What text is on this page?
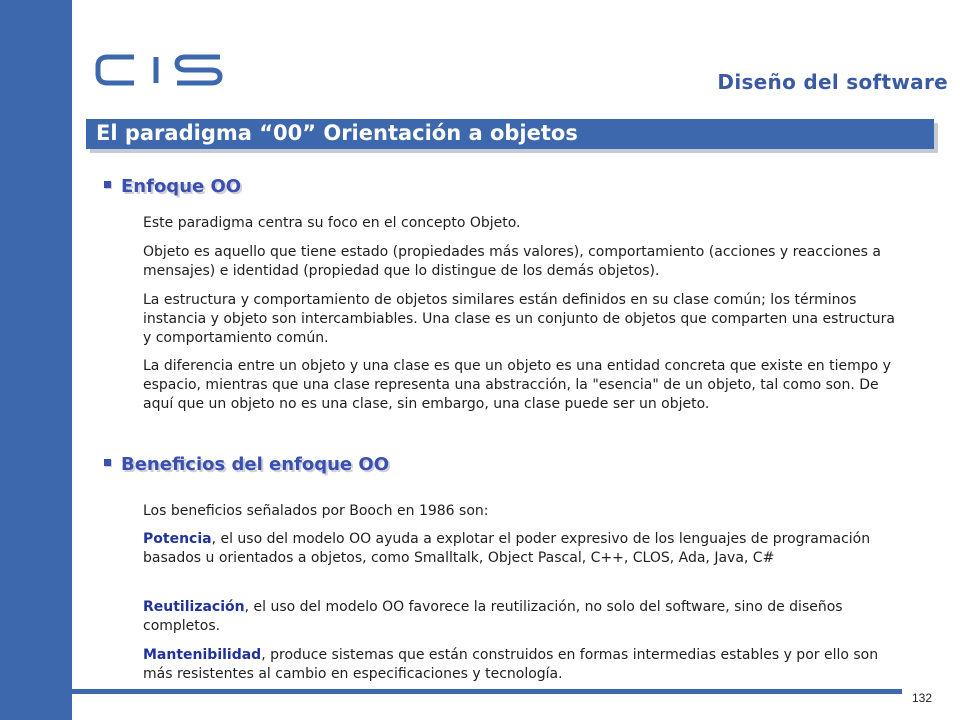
Diseño del software
El paradigma “00” Orientación a objetos
Enfoque OO
Este paradigma centra su foco en el concepto Objeto.
Objeto es aquello que tiene estado (propiedades más valores), comportamiento (acciones y reacciones a mensajes) e identidad (propiedad que lo distingue de los demás objetos).
La estructura y comportamiento de objetos similares están definidos en su clase común; los términos instancia y objeto son intercambiables. Una clase es un conjunto de objetos que comparten una estructura y comportamiento común.
La diferencia entre un objeto y una clase es que un objeto es una entidad concreta que existe en tiempo y espacio, mientras que una clase representa una abstracción, la "esencia" de un objeto, tal como son. De aquí que un objeto no es una clase, sin embargo, una clase puede ser un objeto.
Beneficios del enfoque OO
Los beneficios señalados por Booch en 1986 son:
Potencia, el uso del modelo OO ayuda a explotar el poder expresivo de los lenguajes de programación basados u orientados a objetos, como Smalltalk, Object Pascal, C++, CLOS, Ada, Java, C#
Reutilización, el uso del modelo OO favorece la reutilización, no solo del software, sino de diseños completos.
Mantenibilidad, produce sistemas que están construidos en formas intermedias estables y por ello son más resistentes al cambio en especificaciones y tecnología.
132
